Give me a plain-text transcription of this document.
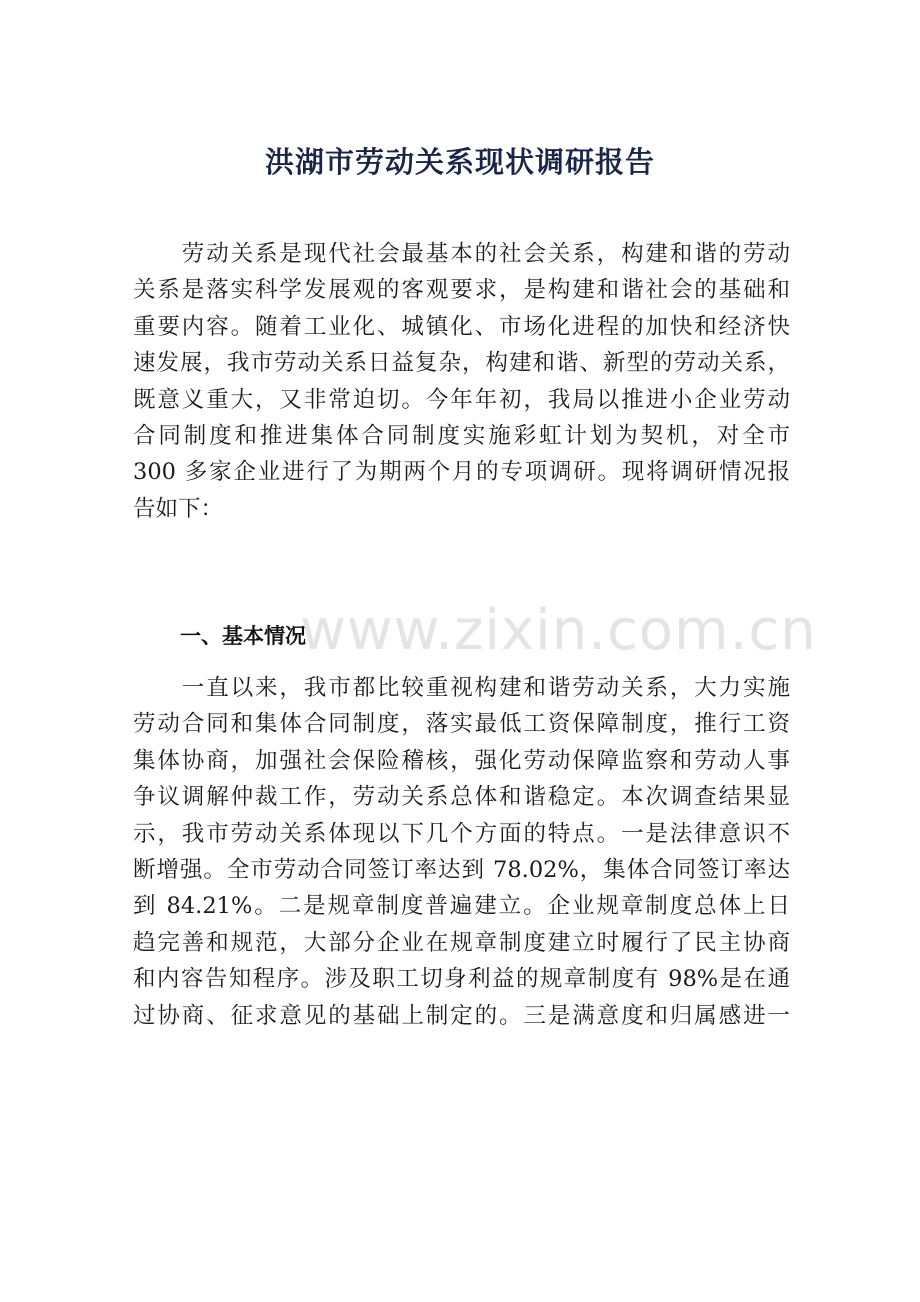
洪湖市劳动关系现状调研报告
　　劳动关系是现代社会最基本的社会关系，构建和谐的劳动
关系是落实科学发展观的客观要求，是构建和谐社会的基础和
重要内容。随着工业化、城镇化、市场化进程的加快和经济快
速发展，我市劳动关系日益复杂，构建和谐、新型的劳动关系，
既意义重大，又非常迫切。今年年初，我局以推进小企业劳动
合同制度和推进集体合同制度实施彩虹计划为契机，对全市
300 多家企业进行了为期两个月的专项调研。现将调研情况报
告如下：
www.zixin.com.cn
一、基本情况
　　一直以来，我市都比较重视构建和谐劳动关系，大力实施
劳动合同和集体合同制度，落实最低工资保障制度，推行工资
集体协商，加强社会保险稽核，强化劳动保障监察和劳动人事
争议调解仲裁工作，劳动关系总体和谐稳定。本次调查结果显
示，我市劳动关系体现以下几个方面的特点。一是法律意识不
断增强。全市劳动合同签订率达到 78.02%，集体合同签订率达
到 84.21%。二是规章制度普遍建立。企业规章制度总体上日
趋完善和规范，大部分企业在规章制度建立时履行了民主协商
和内容告知程序。涉及职工切身利益的规章制度有 98%是在通
过协商、征求意见的基础上制定的。三是满意度和归属感进一
